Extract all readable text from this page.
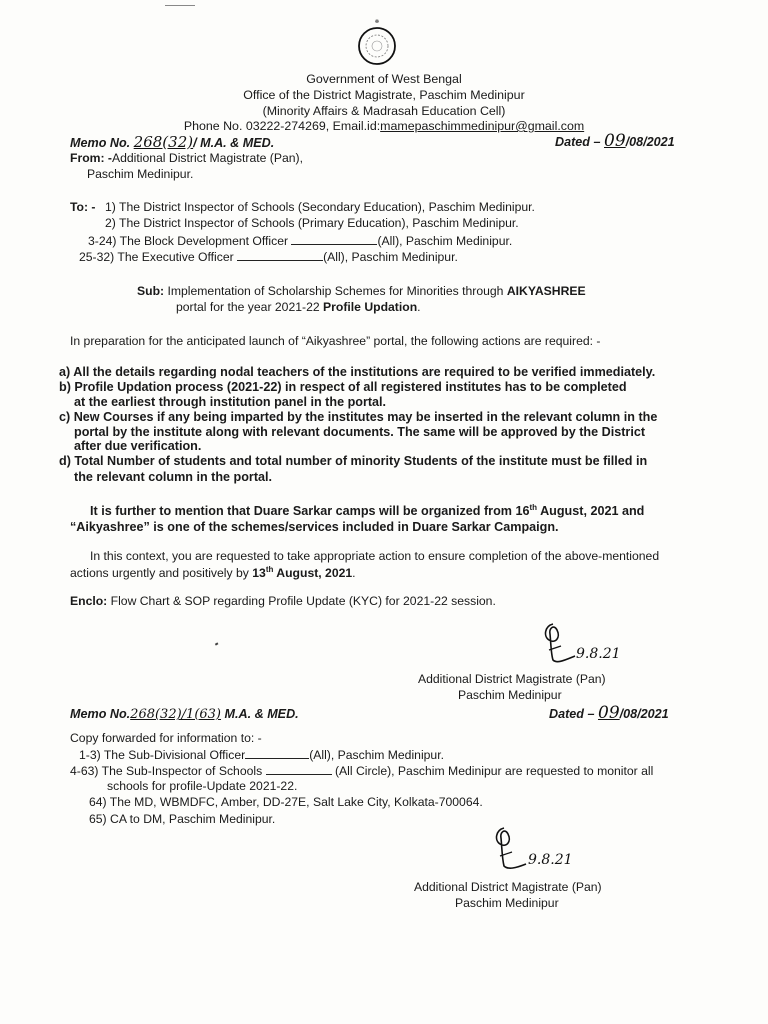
☸
Government of West Bengal
Office of the District Magistrate, Paschim Medinipur
(Minority Affairs & Madrasah Education Cell)
Phone No. 03222-274269, Email.id:mamepaschimmedinipur@gmail.com
Memo No. 268(32)/ M.A. & MED.	Dated – 09/08/2021
From: -Additional District Magistrate (Pan),
Paschim Medinipur.
To: - 1) The District Inspector of Schools (Secondary Education), Paschim Medinipur.
2) The District Inspector of Schools (Primary Education), Paschim Medinipur.
3-24) The Block Development Officer	(All), Paschim Medinipur.
25-32) The Executive Officer	(All), Paschim Medinipur.
Sub: Implementation of Scholarship Schemes for Minorities through AIKYASHREE
portal for the year 2021-22 Profile Updation.
In preparation for the anticipated launch of “Aikyashree” portal, the following actions are required: -
a) All the details regarding nodal teachers of the institutions are required to be verified immediately.
b) Profile Updation process (2021-22) in respect of all registered institutes has to be completed
at the earliest through institution panel in the portal.
c) New Courses if any being imparted by the institutes may be inserted in the relevant column in the
portal by the institute along with relevant documents. The same will be approved by the District
after due verification.
d) Total Number of students and total number of minority Students of the institute must be filled in
the relevant column in the portal.
It is further to mention that Duare Sarkar camps will be organized from 16th August, 2021 and
“Aikyashree” is one of the schemes/services included in Duare Sarkar Campaign.
In this context, you are requested to take appropriate action to ensure completion of the above-mentioned
actions urgently and positively by 13th August, 2021.
Enclo: Flow Chart & SOP regarding Profile Update (KYC) for 2021-22 session.
9.8.21
Additional District Magistrate (Pan)
Paschim Medinipur
Memo No.268(32)/1(63) M.A. & MED.	Dated – 09/08/2021
Copy forwarded for information to: -
1-3) The Sub-Divisional Officer	(All), Paschim Medinipur.
4-63) The Sub-Inspector of Schools	(All Circle), Paschim Medinipur are requested to monitor all
schools for profile-Update 2021-22.
64) The MD, WBMDFC, Amber, DD-27E, Salt Lake City, Kolkata-700064.
65) CA to DM, Paschim Medinipur.
9.8.21
Additional District Magistrate (Pan)
Paschim Medinipur
